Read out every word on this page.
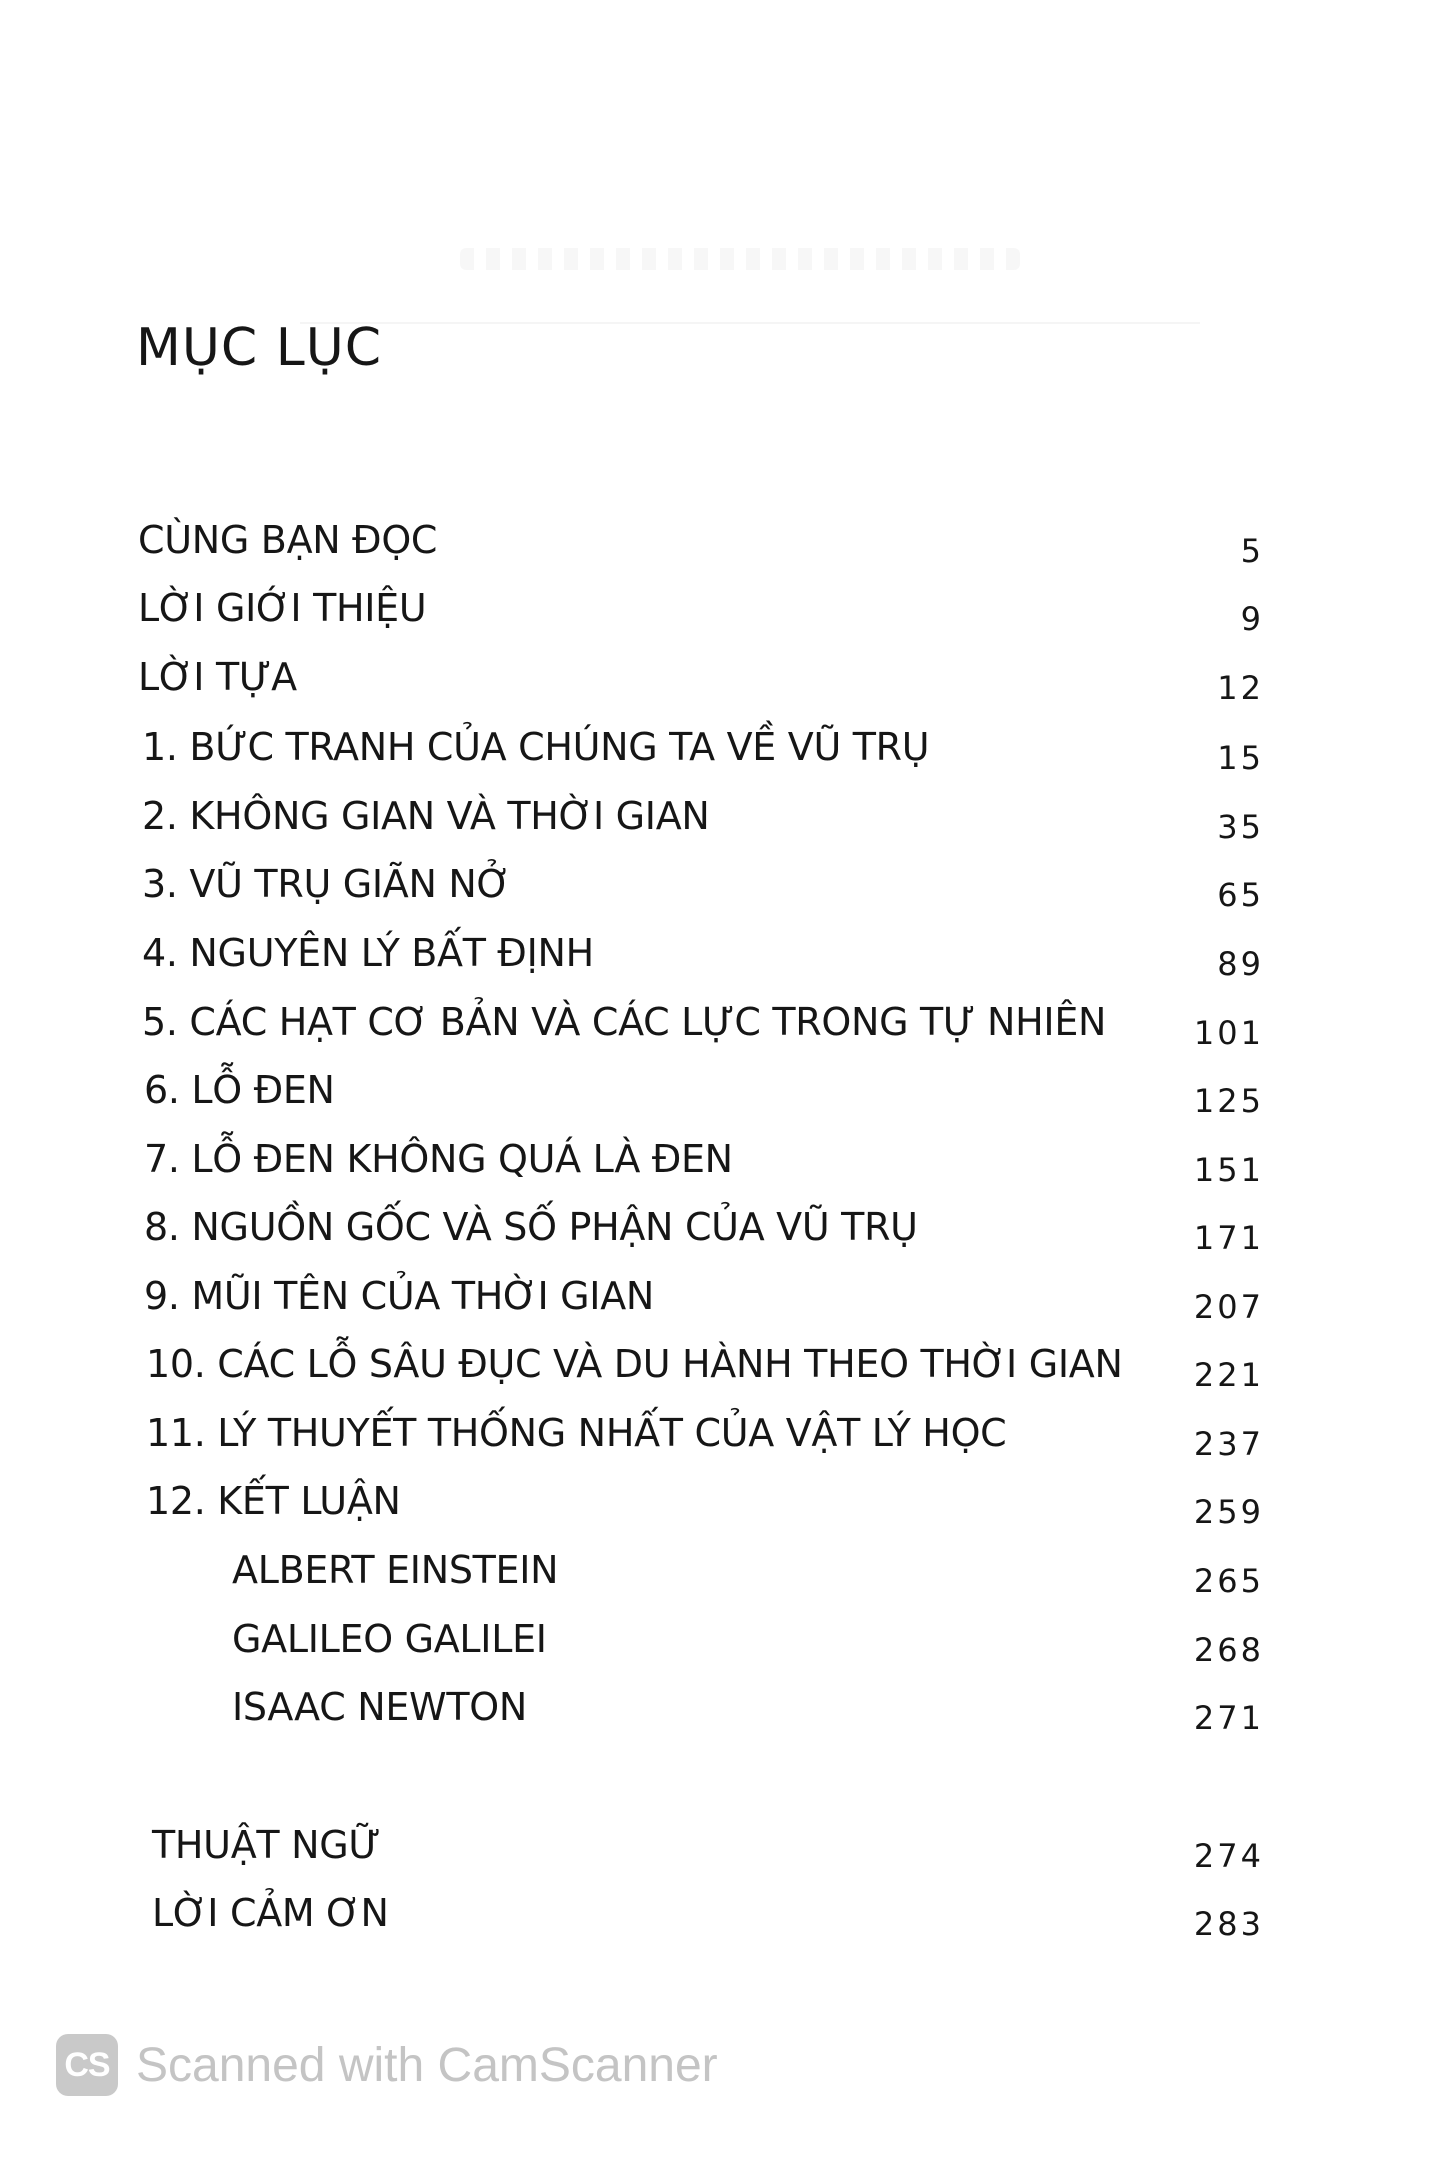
MỤC LỤC
CÙNG BẠN ĐỌC	5
LỜI GIỚI THIỆU	9
LỜI TỰA	12
1. BỨC TRANH CỦA CHÚNG TA VỀ VŨ TRỤ	15
2. KHÔNG GIAN VÀ THỜI GIAN	35
3. VŨ TRỤ GIÃN NỞ	65
4. NGUYÊN LÝ BẤT ĐỊNH	89
5. CÁC HẠT CƠ BẢN VÀ CÁC LỰC TRONG TỰ NHIÊN	101
6. LỖ ĐEN	125
7. LỖ ĐEN KHÔNG QUÁ LÀ ĐEN	151
8. NGUỒN GỐC VÀ SỐ PHẬN CỦA VŨ TRỤ	171
9. MŨI TÊN CỦA THỜI GIAN	207
10. CÁC LỖ SÂU ĐỤC VÀ DU HÀNH THEO THỜI GIAN 221
11. LÝ THUYẾT THỐNG NHẤT CỦA VẬT LÝ HỌC	237
12. KẾT LUẬN	259
ALBERT EINSTEIN	265
GALILEO GALILEI	268
ISAAC NEWTON	271
THUẬT NGỮ	274
LỜI CẢM ƠN	283
CS Scanned with CamScanner
